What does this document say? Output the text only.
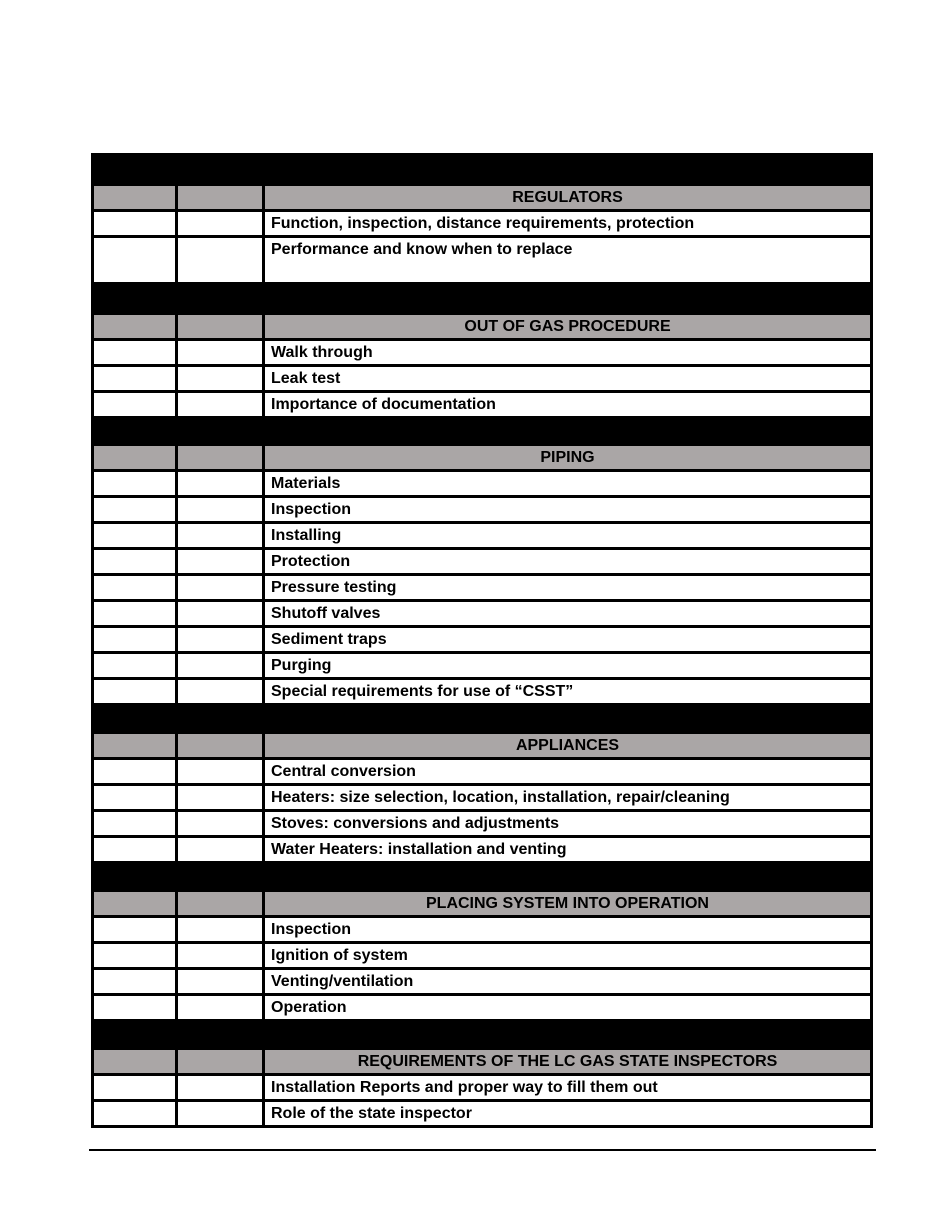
REGULATORS
Function, inspection, distance requirements, protection
Performance and know when to replace
OUT OF GAS PROCEDURE
Walk through
Leak test
Importance of documentation
PIPING
Materials
Inspection
Installing
Protection
Pressure testing
Shutoff valves
Sediment traps
Purging
Special requirements for use of “CSST”
APPLIANCES
Central conversion
Heaters: size selection, location, installation, repair/cleaning
Stoves: conversions and adjustments
Water Heaters: installation and venting
PLACING SYSTEM INTO OPERATION
Inspection
Ignition of system
Venting/ventilation
Operation
REQUIREMENTS OF THE LC GAS STATE INSPECTORS
Installation Reports and proper way to fill them out
Role of the state inspector
